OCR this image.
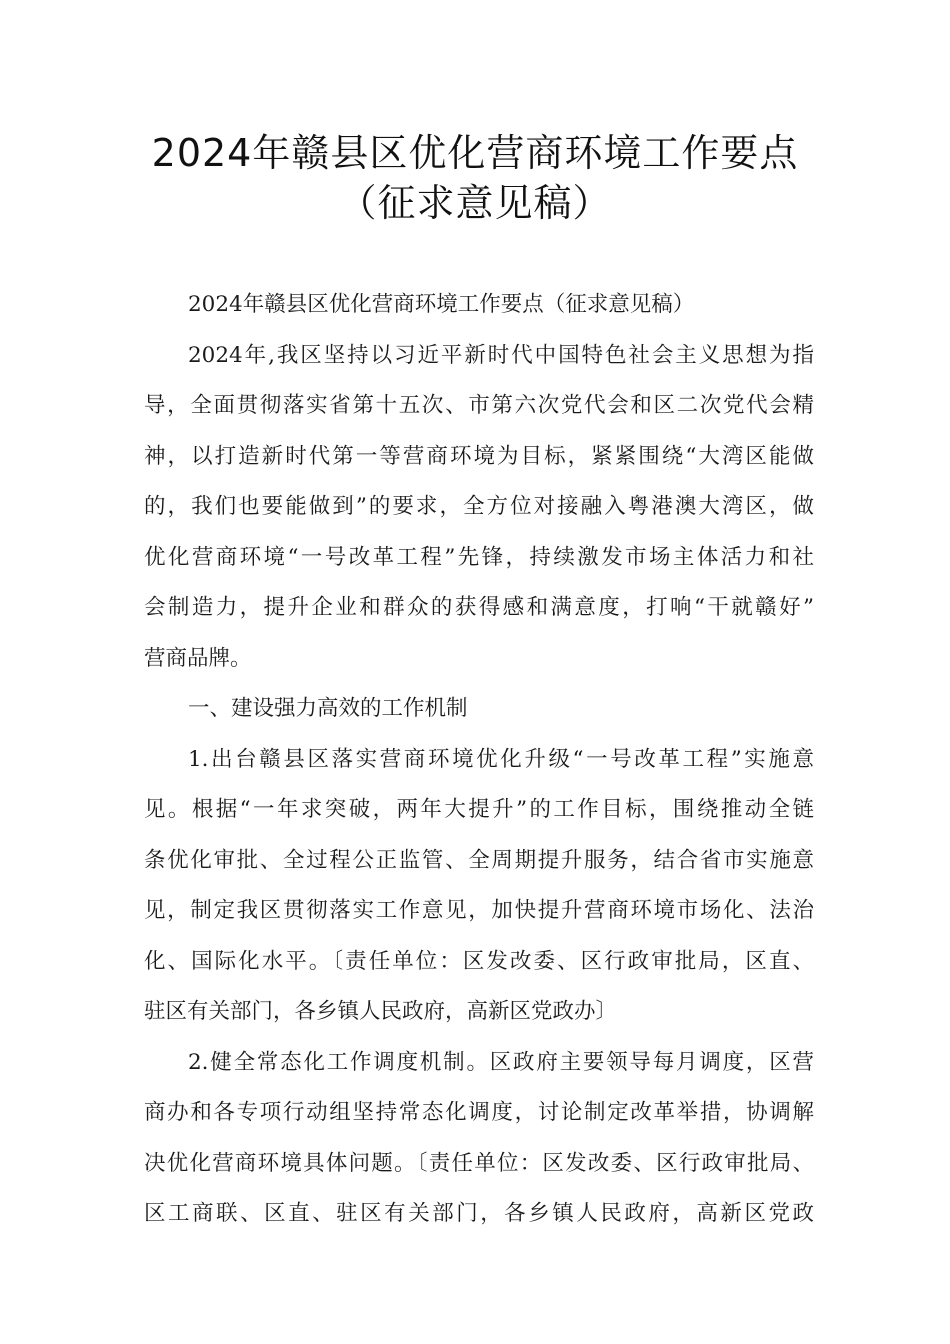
2024年赣县区优化营商环境工作要点
（征求意见稿）
2024年赣县区优化营商环境工作要点（征求意见稿）
2024年,我区坚持以习近平新时代中国特色社会主义思想为指
导，全面贯彻落实省第十五次、市第六次党代会和区二次党代会精
神，以打造新时代第一等营商环境为目标，紧紧围绕“大湾区能做
的，我们也要能做到”的要求，全方位对接融入粤港澳大湾区，做
优化营商环境“一号改革工程”先锋，持续激发市场主体活力和社
会制造力，提升企业和群众的获得感和满意度，打响“干就赣好”
营商品牌。
一、建设强力高效的工作机制
1.出台赣县区落实营商环境优化升级“一号改革工程”实施意
见。根据“一年求突破，两年大提升”的工作目标，围绕推动全链
条优化审批、全过程公正监管、全周期提升服务，结合省市实施意
见，制定我区贯彻落实工作意见，加快提升营商环境市场化、法治
化、国际化水平。〔责任单位：区发改委、区行政审批局，区直、
驻区有关部门，各乡镇人民政府，高新区党政办〕
2.健全常态化工作调度机制。区政府主要领导每月调度，区营
商办和各专项行动组坚持常态化调度，讨论制定改革举措，协调解
决优化营商环境具体问题。〔责任单位：区发改委、区行政审批局、
区工商联、区直、驻区有关部门，各乡镇人民政府，高新区党政
